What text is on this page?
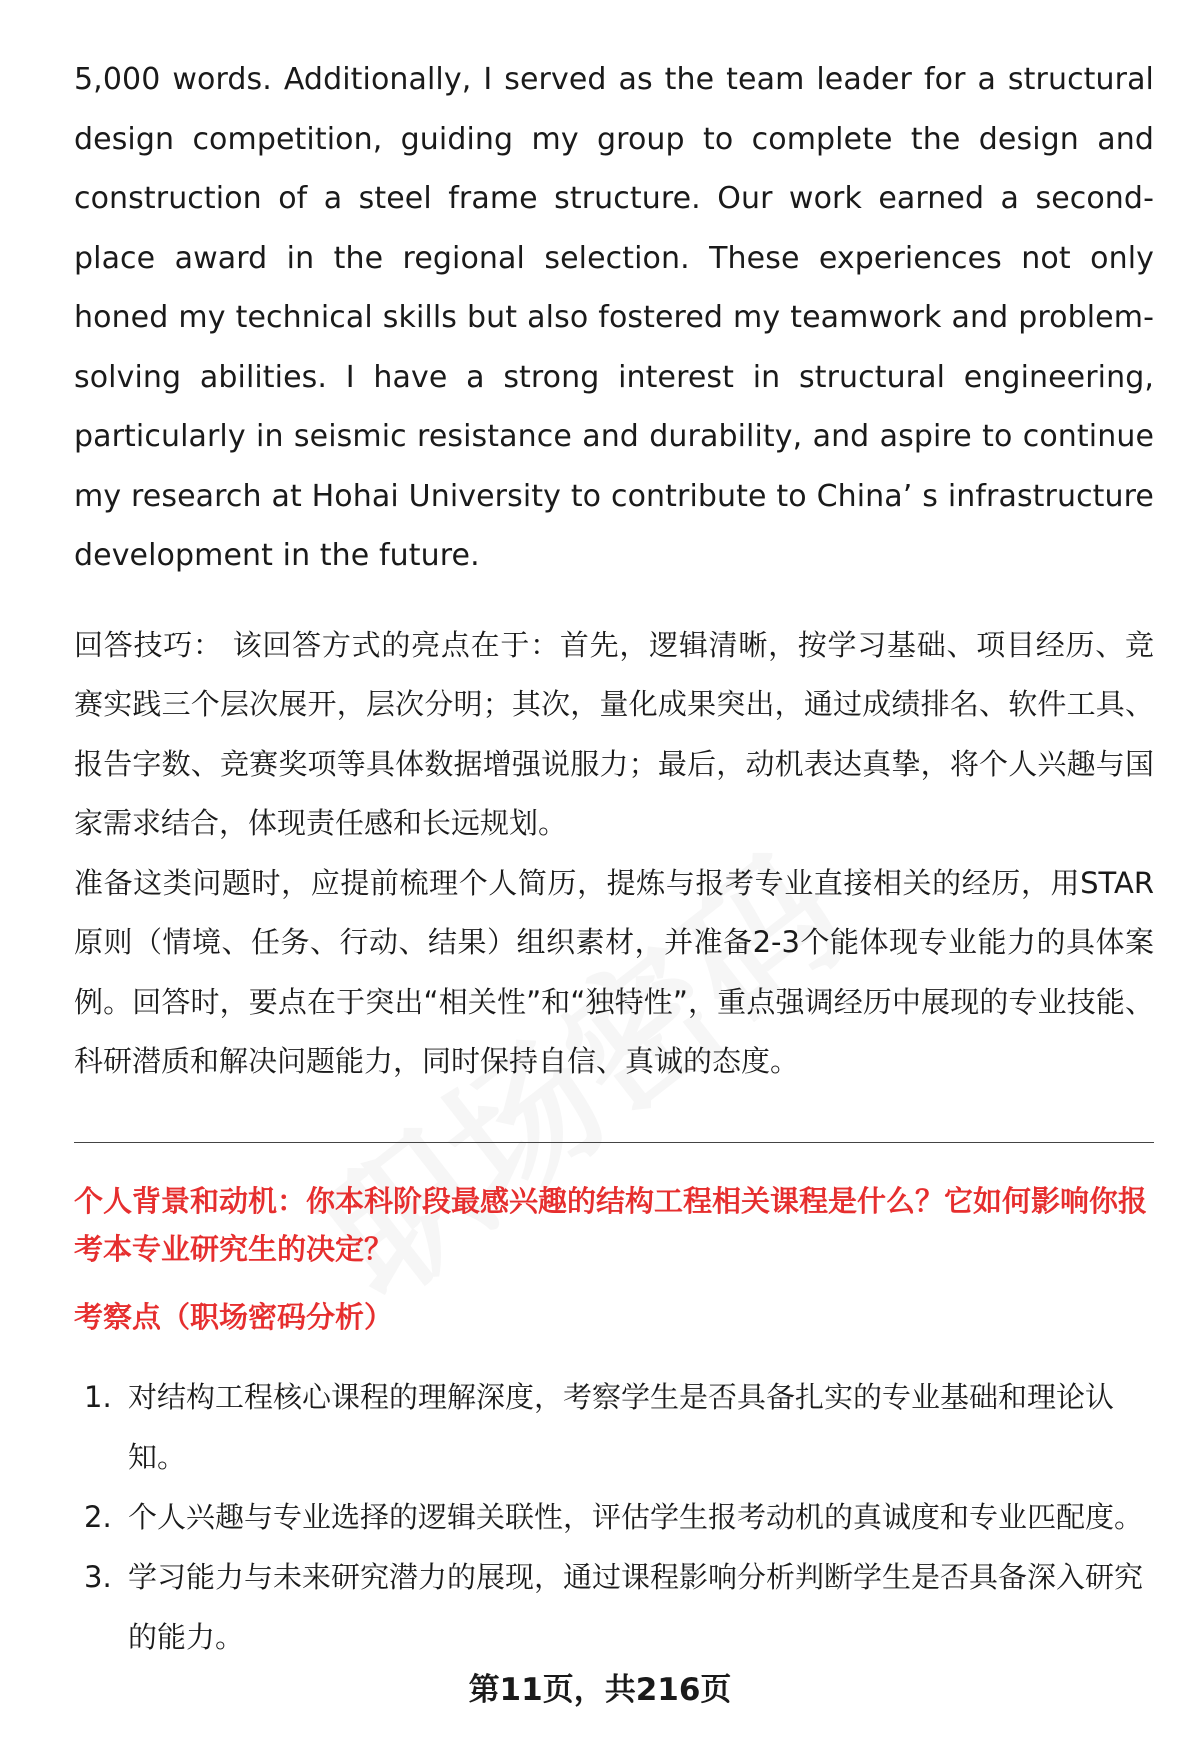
5,000 words. Additionally, I served as the team leader for a structural design competition, guiding my group to complete the design and construction of a steel frame structure. Our work earned a second-place award in the regional selection. These experiences not only honed my technical skills but also fostered my teamwork and problem-solving abilities. I have a strong interest in structural engineering, particularly in seismic resistance and durability, and aspire to continue my research at Hohai University to contribute to China’ s infrastructure development in the future.

回答技巧： 该回答方式的亮点在于：首先，逻辑清晰，按学习基础、项目经历、竞赛实践三个层次展开，层次分明；其次，量化成果突出，通过成绩排名、软件工具、报告字数、竞赛奖项等具体数据增强说服力；最后，动机表达真挚，将个人兴趣与国家需求结合，体现责任感和长远规划。

准备这类问题时，应提前梳理个人简历，提炼与报考专业直接相关的经历，用STAR原则（情境、任务、行动、结果）组织素材，并准备2-3个能体现专业能力的具体案例。回答时，要点在于突出“相关性”和“独特性”，重点强调经历中展现的专业技能、科研潜质和解决问题能力，同时保持自信、真诚的态度。

个人背景和动机：你本科阶段最感兴趣的结构工程相关课程是什么？它如何影响你报考本专业研究生的决定？
考察点（职场密码分析）
1. 对结构工程核心课程的理解深度，考察学生是否具备扎实的专业基础和理论认知。
2. 个人兴趣与专业选择的逻辑关联性，评估学生报考动机的真诚度和专业匹配度。
3. 学习能力与未来研究潜力的展现，通过课程影响分析判断学生是否具备深入研究的能力。
第11页，共216页
